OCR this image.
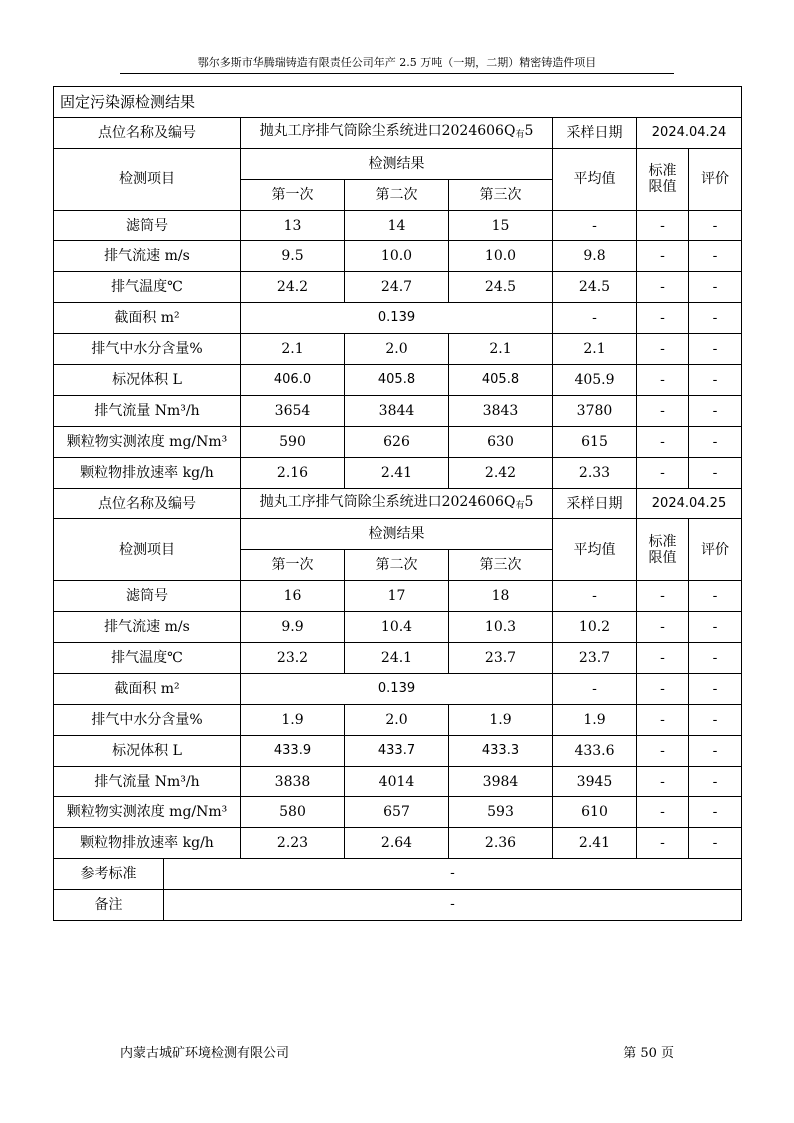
鄂尔多斯市华腾瑞铸造有限责任公司年产 2.5 万吨（一期，二期）精密铸造件项目
固定污染源检测结果							
点位名称及编号		抛丸工序排气筒除尘系统进口$2024606Q_有5$			采样日期	2024.04.24	
检测项目		检测结果			平均值	标准
限值	评价
		第一次	第二次	第三次			
滤筒号		13	14	15	-	-	-
排气流速 m/s		9.5	10.0	10.0	9.8	-	-
排气温度℃		24.2	24.7	24.5	24.5	-	-
截面积 m²		0.139			-	-	-
排气中水分含量%		2.1	2.0	2.1	2.1	-	-
标况体积 L		406.0	405.8	405.8	405.9	-	-
排气流量 Nm³/h		3654	3844	3843	3780	-	-
颗粒物实测浓度 mg/Nm³		590	626	630	615	-	-
颗粒物排放速率 kg/h		2.16	2.41	2.42	2.33	-	-
点位名称及编号		抛丸工序排气筒除尘系统进口$2024606Q_有5$			采样日期	2024.04.25	
检测项目		检测结果			平均值	标准
限值	评价
		第一次	第二次	第三次			
滤筒号		16	17	18	-	-	-
排气流速 m/s		9.9	10.4	10.3	10.2	-	-
排气温度℃		23.2	24.1	23.7	23.7	-	-
截面积 m²		0.139			-	-	-
排气中水分含量%		1.9	2.0	1.9	1.9	-	-
标况体积 L		433.9	433.7	433.3	433.6	-	-
排气流量 Nm³/h		3838	4014	3984	3945	-	-
颗粒物实测浓度 mg/Nm³		580	657	593	610	-	-
颗粒物排放速率 kg/h		2.23	2.64	2.36	2.41	-	-
参考标准	-						
备注	-						
内蒙古城矿环境检测有限公司	第 50 页
